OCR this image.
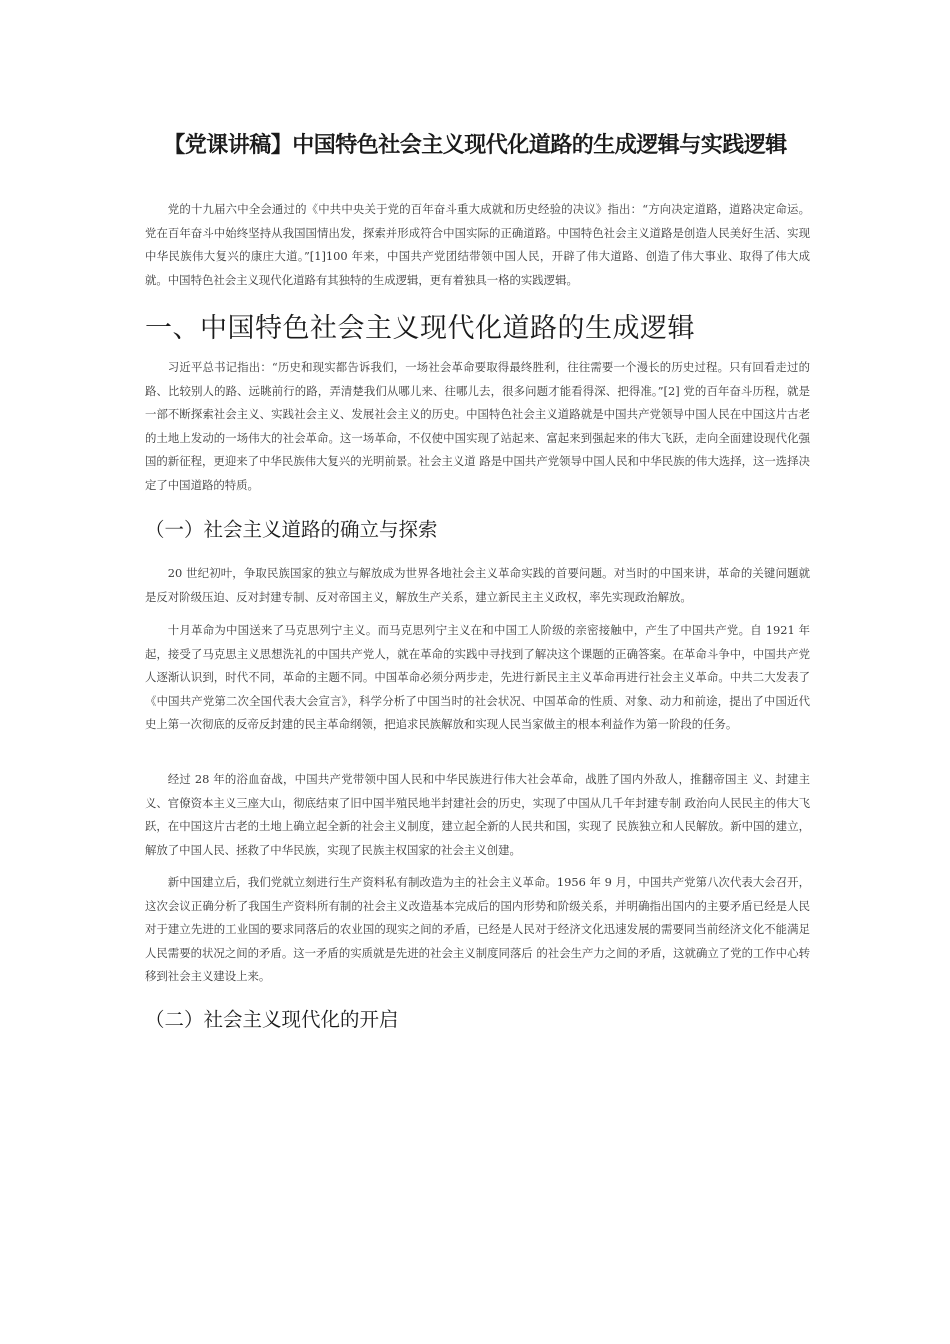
【党课讲稿】中国特色社会主义现代化道路的生成逻辑与实践逻辑

党的十九届六中全会通过的《中共中央关于党的百年奋斗重大成就和历史经验的决议》指出：“方向决定道路，道路决定命运。党在百年奋斗中始终坚持从我国国情出发，探索并形成符合中国实际的正确道路。中国特色社会主义道路是创造人民美好生活、实现中华民族伟大复兴的康庄大道。”[1]100 年来，中国共产党团结带领中国人民，开辟了伟大道路、创造了伟大事业、取得了伟大成就。中国特色社会主义现代化道路有其独特的生成逻辑，更有着独具一格的实践逻辑。

一、中国特色社会主义现代化道路的生成逻辑

习近平总书记指出：“历史和现实都告诉我们，一场社会革命要取得最终胜利，往往需要一个漫长的历史过程。只有回看走过的路、比较别人的路、远眺前行的路，弄清楚我们从哪儿来、往哪儿去，很多问题才能看得深、把得准。”[2] 党的百年奋斗历程，就是一部不断探索社会主义、实践社会主义、发展社会主义的历史。中国特色社会主义道路就是中国共产党领导中国人民在中国这片古老的土地上发动的一场伟大的社会革命。这一场革命，不仅使中国实现了站起来、富起来到强起来的伟大飞跃，走向全面建设现代化强国的新征程，更迎来了中华民族伟大复兴的光明前景。社会主义道 路是中国共产党领导中国人民和中华民族的伟大选择，这一选择决定了中国道路的特质。

（一）社会主义道路的确立与探索

20 世纪初叶，争取民族国家的独立与解放成为世界各地社会主义革命实践的首要问题。对当时的中国来讲，革命的关键问题就是反对阶级压迫、反对封建专制、反对帝国主义，解放生产关系，建立新民主主义政权，率先实现政治解放。

十月革命为中国送来了马克思列宁主义。而马克思列宁主义在和中国工人阶级的亲密接触中，产生了中国共产党。自 1921 年起，接受了马克思主义思想洗礼的中国共产党人，就在革命的实践中寻找到了解决这个课题的正确答案。在革命斗争中，中国共产党人逐渐认识到，时代不同，革命的主题不同。中国革命必须分两步走，先进行新民主主义革命再进行社会主义革命。中共二大发表了《中国共产党第二次全国代表大会宣言》，科学分析了中国当时的社会状况、中国革命的性质、对象、动力和前途，提出了中国近代史上第一次彻底的反帝反封建的民主革命纲领，把追求民族解放和实现人民当家做主的根本利益作为第一阶段的任务。

经过 28 年的浴血奋战，中国共产党带领中国人民和中华民族进行伟大社会革命，战胜了国内外敌人，推翻帝国主 义、封建主义、官僚资本主义三座大山，彻底结束了旧中国半殖民地半封建社会的历史，实现了中国从几千年封建专制 政治向人民民主的伟大飞跃，在中国这片古老的土地上确立起全新的社会主义制度，建立起全新的人民共和国，实现了 民族独立和人民解放。新中国的建立，解放了中国人民、拯救了中华民族，实现了民族主权国家的社会主义创建。

新中国建立后，我们党就立刻进行生产资料私有制改造为主的社会主义革命。1956 年 9 月，中国共产党第八次代表大会召开，这次会议正确分析了我国生产资料所有制的社会主义改造基本完成后的国内形势和阶级关系，并明确指出国内的主要矛盾已经是人民对于建立先进的工业国的要求同落后的农业国的现实之间的矛盾，已经是人民对于经济文化迅速发展的需要同当前经济文化不能满足人民需要的状况之间的矛盾。这一矛盾的实质就是先进的社会主义制度同落后 的社会生产力之间的矛盾，这就确立了党的工作中心转移到社会主义建设上来。

（二）社会主义现代化的开启
